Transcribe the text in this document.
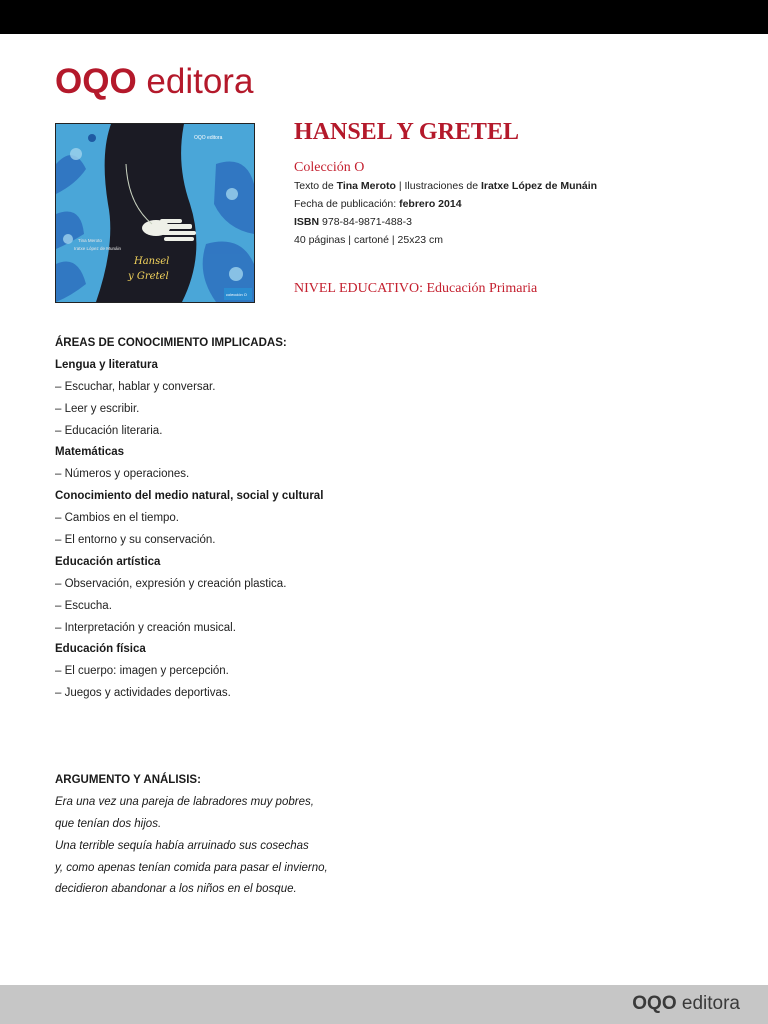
OQO editora
OQO editora
Tina Meroto
Iratxe López de Munáin
Hansel
y Gretel
colección O
HANSEL Y GRETEL
Colección O
Texto de Tina Meroto | Ilustraciones de Iratxe López de Munáin
Fecha de publicación: febrero 2014
ISBN 978-84-9871-488-3
40 páginas | cartoné | 25x23 cm
NIVEL EDUCATIVO: Educación Primaria
ÁREAS DE CONOCIMIENTO IMPLICADAS:
Lengua y literatura
– Escuchar, hablar y conversar.
– Leer y escribir.
– Educación literaria.
Matemáticas
– Números y operaciones.
Conocimiento del medio natural, social y cultural
– Cambios en el tiempo.
– El entorno y su conservación.
Educación artística
– Observación, expresión y creación plastica.
– Escucha.
– Interpretación y creación musical.
Educación física
– El cuerpo: imagen y percepción.
– Juegos y actividades deportivas.
ARGUMENTO Y ANÁLISIS:
Era una vez una pareja de labradores muy pobres,
que tenían dos hijos.
Una terrible sequía había arruinado sus cosechas
y, como apenas tenían comida para pasar el invierno,
decidieron abandonar a los niños en el bosque.
OQO editora
